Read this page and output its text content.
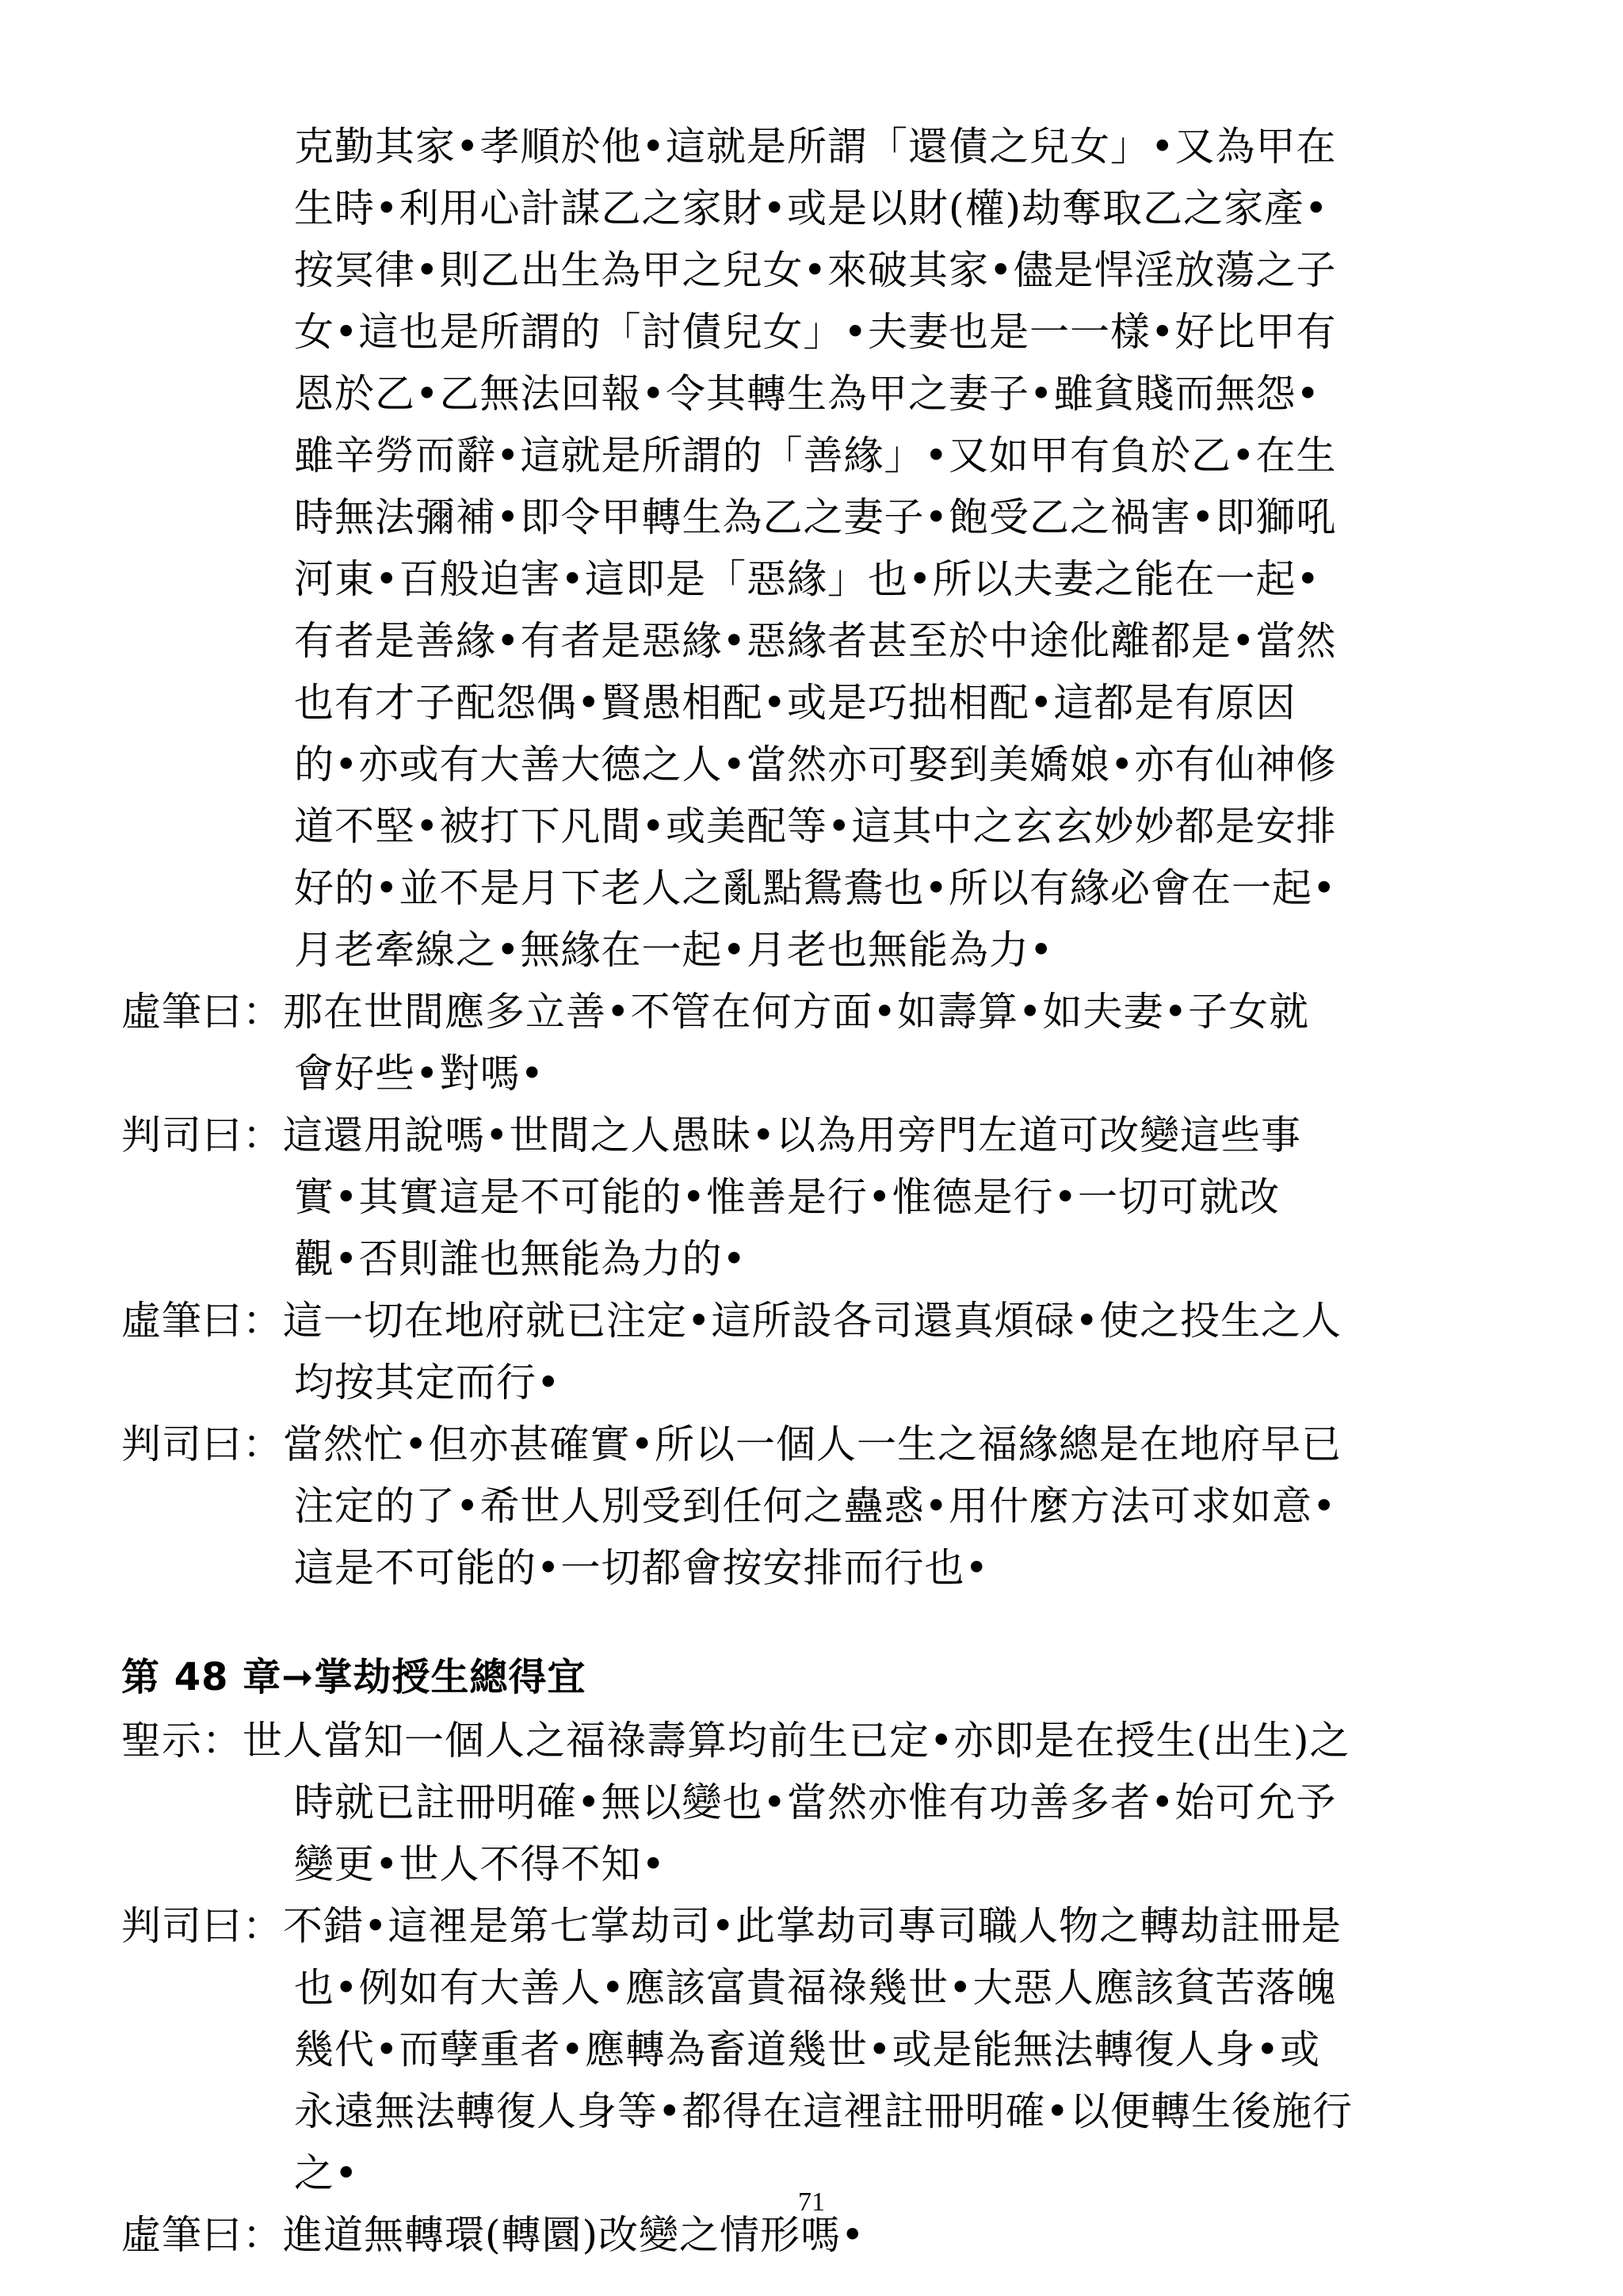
克勤其家•孝順於他•這就是所謂「還債之兒女」•又為甲在
生時•利用心計謀乙之家財•或是以財(權)劫奪取乙之家產•
按冥律•則乙出生為甲之兒女•來破其家•儘是悍淫放蕩之子
女•這也是所謂的「討債兒女」•夫妻也是一一樣•好比甲有
恩於乙•乙無法回報•令其轉生為甲之妻子•雖貧賤而無怨•
雖辛勞而辭•這就是所謂的「善緣」•又如甲有負於乙•在生
時無法彌補•即令甲轉生為乙之妻子•飽受乙之禍害•即獅吼
河東•百般迫害•這即是「惡緣」也•所以夫妻之能在一起•
有者是善緣•有者是惡緣•惡緣者甚至於中途仳離都是•當然
也有才子配怨偶•賢愚相配•或是巧拙相配•這都是有原因
的•亦或有大善大德之人•當然亦可娶到美嬌娘•亦有仙神修
道不堅•被打下凡間•或美配等•這其中之玄玄妙妙都是安排
好的•並不是月下老人之亂點鴛鴦也•所以有緣必會在一起•
月老牽線之•無緣在一起•月老也無能為力•
虛筆曰：那在世間應多立善•不管在何方面•如壽算•如夫妻•子女就
會好些•對嗎•
判司曰：這還用說嗎•世間之人愚昧•以為用旁門左道可改變這些事
實•其實這是不可能的•惟善是行•惟德是行•一切可就改
觀•否則誰也無能為力的•
虛筆曰：這一切在地府就已注定•這所設各司還真煩碌•使之投生之人
均按其定而行•
判司曰：當然忙•但亦甚確實•所以一個人一生之福緣總是在地府早已
注定的了•希世人別受到任何之蠱惑•用什麼方法可求如意•
這是不可能的•一切都會按安排而行也•
第 48 章➞掌劫授生總得宜
聖示：世人當知一個人之福祿壽算均前生已定•亦即是在授生(出生)之
時就已註冊明確•無以變也•當然亦惟有功善多者•始可允予
變更•世人不得不知•
判司曰：不錯•這裡是第七掌劫司•此掌劫司專司職人物之轉劫註冊是
也•例如有大善人•應該富貴福祿幾世•大惡人應該貧苦落魄
幾代•而孽重者•應轉為畜道幾世•或是能無法轉復人身•或
永遠無法轉復人身等•都得在這裡註冊明確•以便轉生後施行
之•
虛筆曰：進道無轉環(轉圜)改變之情形嗎•
71
